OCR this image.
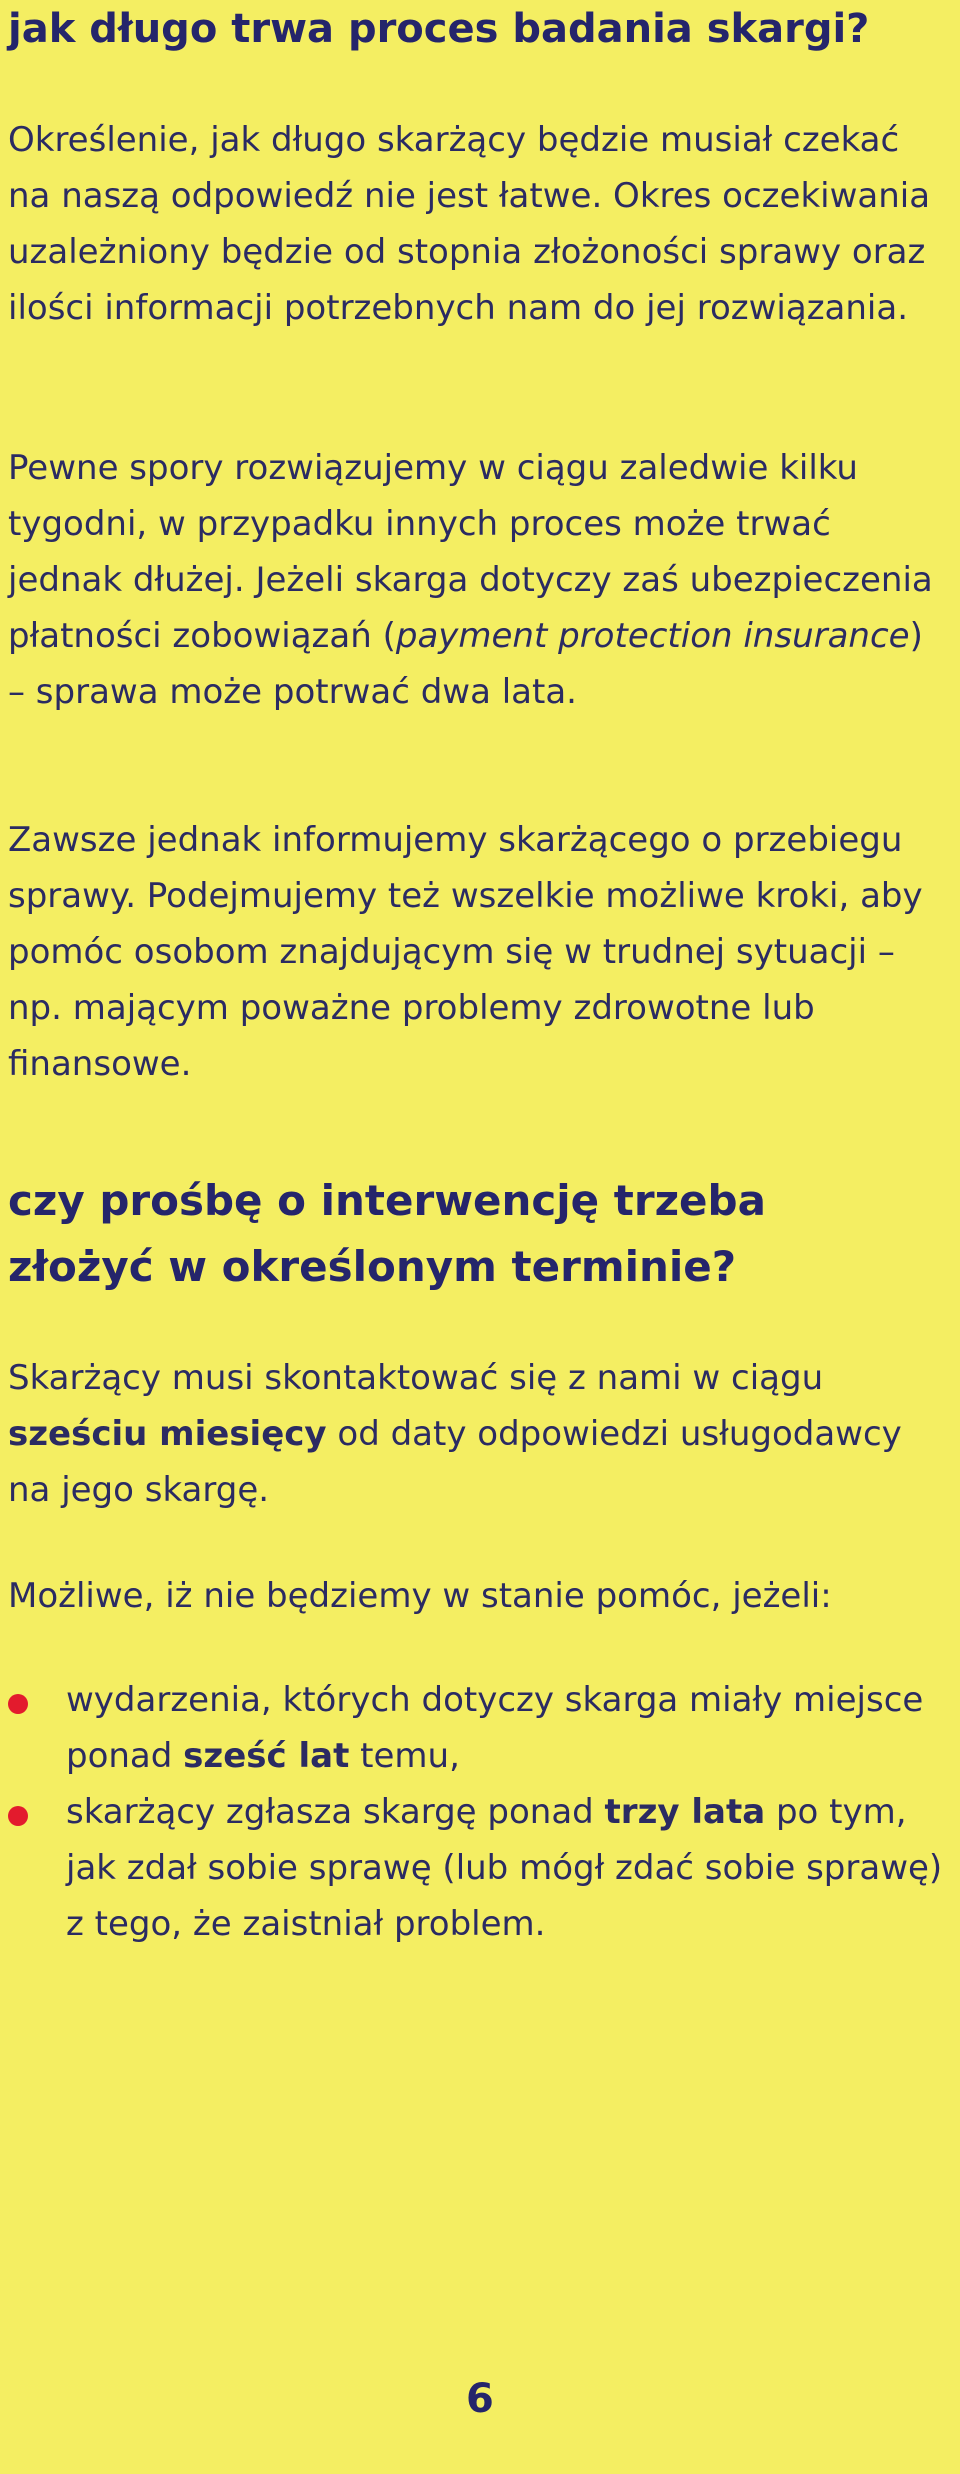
jak długo trwa proces badania skargi?

Określenie, jak długo skarżący będzie musiał czekać na naszą odpowiedź nie jest łatwe. Okres oczekiwania uzależniony będzie od stopnia złożoności sprawy oraz ilości informacji potrzebnych nam do jej rozwiązania.

Pewne spory rozwiązujemy w ciągu zaledwie kilku tygodni, w przypadku innych proces może trwać jednak dłużej. Jeżeli skarga dotyczy zaś ubezpieczenia płatności zobowiązań (payment protection insurance) – sprawa może potrwać dwa lata.

Zawsze jednak informujemy skarżącego o przebiegu sprawy. Podejmujemy też wszelkie możliwe kroki, aby pomóc osobom znajdującym się w trudnej sytuacji – np. mającym poważne problemy zdrowotne lub finansowe.

czy prośbę o interwencję trzeba
złożyć w określonym terminie?

Skarżący musi skontaktować się z nami w ciągu sześciu miesięcy od daty odpowiedzi usługodawcy na jego skargę.

Możliwe, iż nie będziemy w stanie pomóc, jeżeli:

wydarzenia, których dotyczy skarga miały miejsce ponad sześć lat temu,
skarżący zgłasza skargę ponad trzy lata po tym, jak zdał sobie sprawę (lub mógł zdać sobie sprawę) z tego, że zaistniał problem.
6
